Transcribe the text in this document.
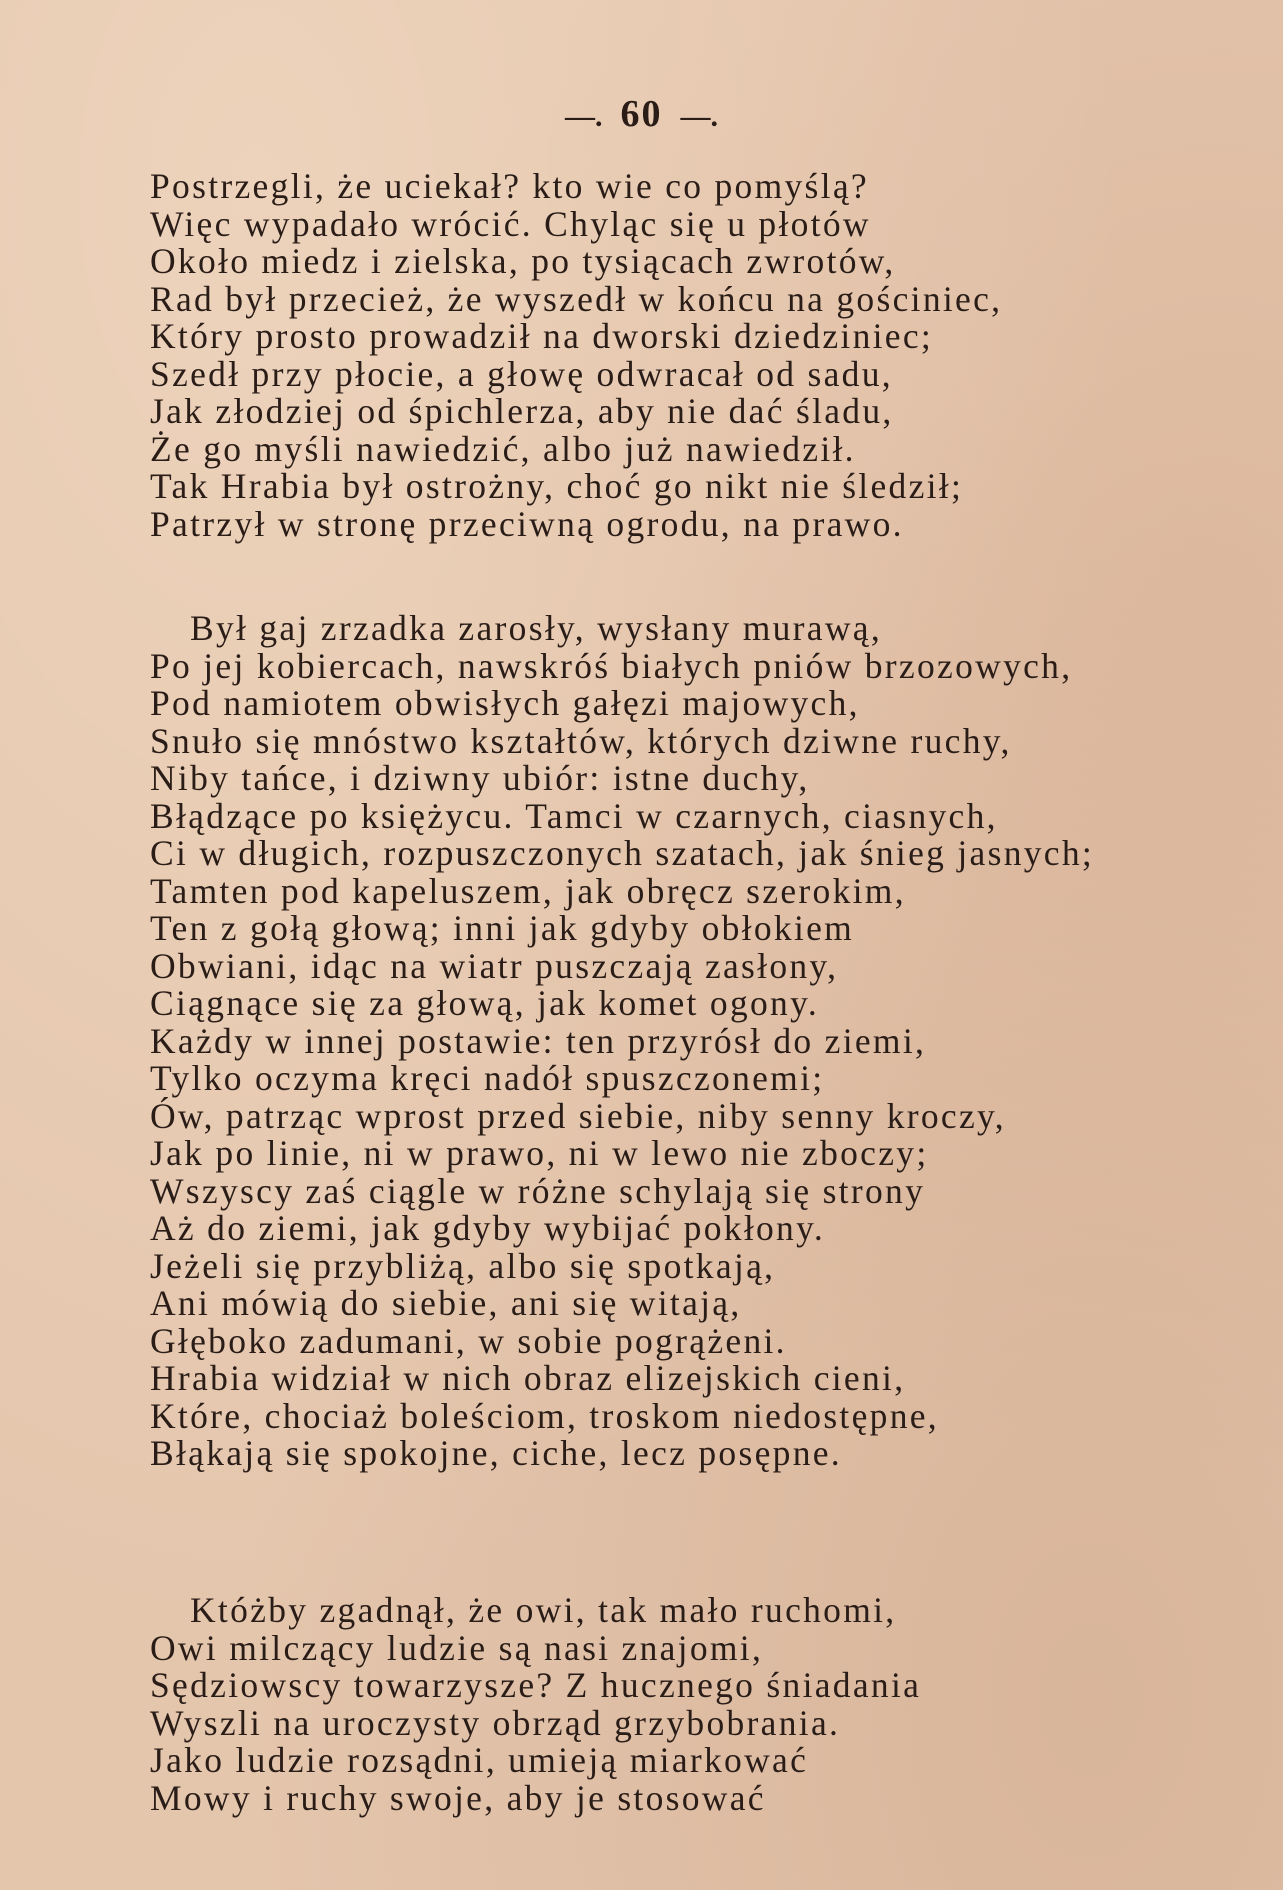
—. 60 —.
Postrzegli, że uciekał? kto wie co pomyślą?
Więc wypadało wrócić. Chyląc się u płotów
Około miedz i zielska, po tysiącach zwrotów,
Rad był przecież, że wyszedł w końcu na gościniec,
Który prosto prowadził na dworski dziedziniec;
Szedł przy płocie, a głowę odwracał od sadu,
Jak złodziej od śpichlerza, aby nie dać śladu,
Że go myśli nawiedzić, albo już nawiedził.
Tak Hrabia był ostrożny, choć go nikt nie śledził;
Patrzył w stronę przeciwną ogrodu, na prawo.
Był gaj zrzadka zarosły, wysłany murawą,
Po jej kobiercach, nawskróś białych pniów brzozowych,
Pod namiotem obwisłych gałęzi majowych,
Snuło się mnóstwo kształtów, których dziwne ruchy,
Niby tańce, i dziwny ubiór: istne duchy,
Błądzące po księżycu. Tamci w czarnych, ciasnych,
Ci w długich, rozpuszczonych szatach, jak śnieg jasnych;
Tamten pod kapeluszem, jak obręcz szerokim,
Ten z gołą głową; inni jak gdyby obłokiem
Obwiani, idąc na wiatr puszczają zasłony,
Ciągnące się za głową, jak komet ogony.
Każdy w innej postawie: ten przyrósł do ziemi,
Tylko oczyma kręci nadół spuszczonemi;
Ów, patrząc wprost przed siebie, niby senny kroczy,
Jak po linie, ni w prawo, ni w lewo nie zboczy;
Wszyscy zaś ciągle w różne schylają się strony
Aż do ziemi, jak gdyby wybijać pokłony.
Jeżeli się przybliżą, albo się spotkają,
Ani mówią do siebie, ani się witają,
Głęboko zadumani, w sobie pogrążeni.
Hrabia widział w nich obraz elizejskich cieni,
Które, chociaż boleściom, troskom niedostępne,
Błąkają się spokojne, ciche, lecz posępne.
Któżby zgadnął, że owi, tak mało ruchomi,
Owi milczący ludzie są nasi znajomi,
Sędziowscy towarzysze? Z hucznego śniadania
Wyszli na uroczysty obrząd grzybobrania.
Jako ludzie rozsądni, umieją miarkować
Mowy i ruchy swoje, aby je stosować
